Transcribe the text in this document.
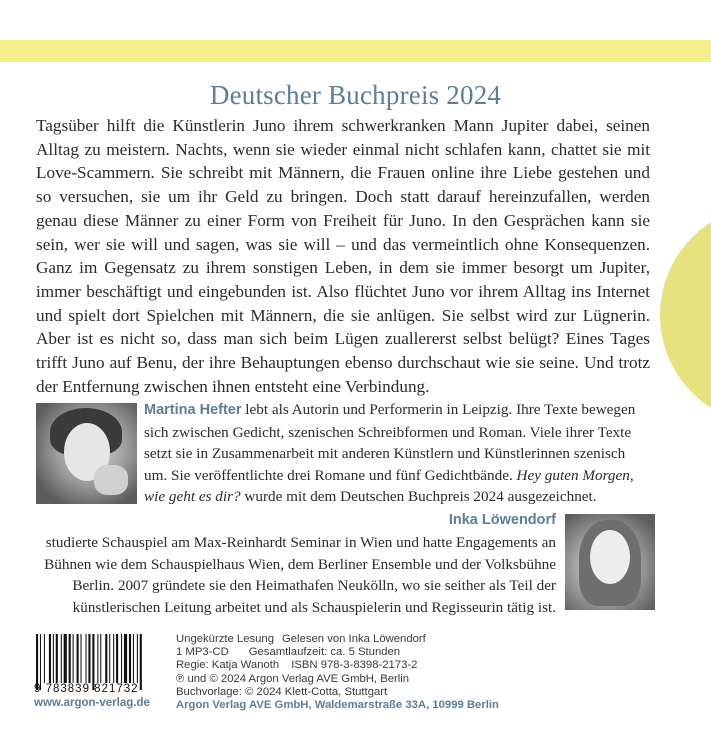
Deutscher Buchpreis 2024

Tagsüber hilft die Künstlerin Juno ihrem schwerkranken Mann Jupiter dabei, seinen Alltag zu meistern. Nachts, wenn sie wieder einmal nicht schlafen kann, chattet sie mit Love-Scammern. Sie schreibt mit Männern, die Frauen online ihre Liebe gestehen und so versuchen, sie um ihr Geld zu bringen. Doch statt darauf hereinzufallen, werden genau diese Männer zu einer Form von Freiheit für Juno. In den Gesprächen kann sie sein, wer sie will und sagen, was sie will – und das vermeintlich ohne Konsequenzen. Ganz im Gegensatz zu ihrem sonstigen Leben, in dem sie immer besorgt um Jupiter, immer beschäftigt und eingebunden ist. Also flüchtet Juno vor ihrem Alltag ins Internet und spielt dort Spielchen mit Männern, die sie anlügen. Sie selbst wird zur Lügnerin. Aber ist es nicht so, dass man sich beim Lügen zuallererst selbst belügt? Eines Tages trifft Juno auf Benu, der ihre Behauptungen ebenso durchschaut wie sie seine. Und trotz der Entfernung zwischen ihnen entsteht eine Verbindung.

Martina Hefter lebt als Autorin und Performerin in Leipzig. Ihre Texte bewegen sich zwischen Gedicht, szenischen Schreibformen und Roman. Viele ihrer Texte setzt sie in Zusammenarbeit mit anderen Künstlern und Künstlerinnen szenisch um. Sie veröffentlichte drei Romane und fünf Gedichtbände. Hey guten Morgen, wie geht es dir? wurde mit dem Deutschen Buchpreis 2024 ausgezeichnet.

Inka Löwendorf

studierte Schauspiel am Max-Reinhardt Seminar in Wien und hatte Engagements an Bühnen wie dem Schauspielhaus Wien, dem Berliner Ensemble und der Volksbühne Berlin. 2007 gründete sie den Heimathafen Neukölln, wo sie seither als Teil der künstlerischen Leitung arbeitet und als Schauspielerin und Regisseurin tätig ist.

9 783839 821732
www.argon-verlag.de
Ungekürzte Lesung Gelesen von Inka Löwendorf
1 MP3-CD Gesamtlaufzeit: ca. 5 Stunden
Regie: Katja Wanoth ISBN 978-3-8398-2173-2
℗ und © 2024 Argon Verlag AVE GmbH, Berlin
Buchvorlage: © 2024 Klett-Cotta, Stuttgart
Argon Verlag AVE GmbH, Waldemarstraße 33A, 10999 Berlin
